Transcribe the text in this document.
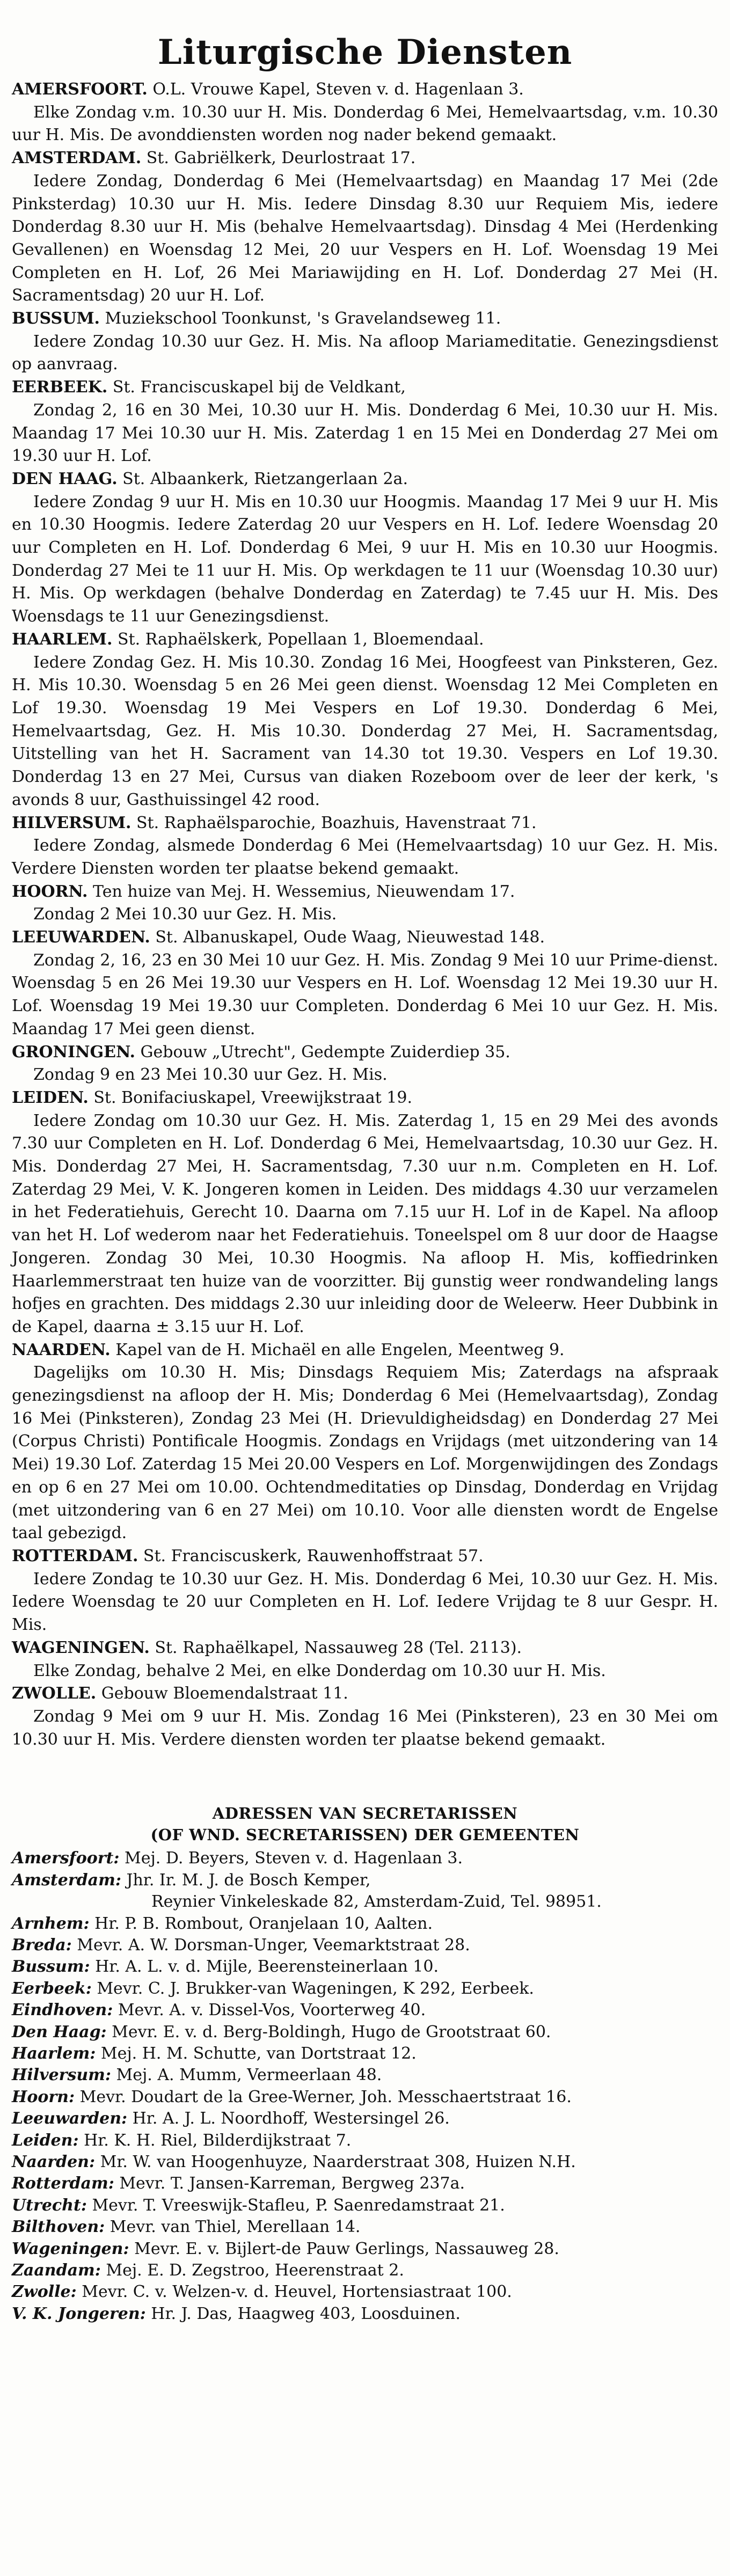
Liturgische Diensten
AMERSFOORT. O.L. Vrouwe Kapel, Steven v. d. Hagenlaan 3.
Elke Zondag v.m. 10.30 uur H. Mis. Donderdag 6 Mei, Hemelvaartsdag, v.m. 10.30 uur H. Mis. De avonddiensten worden nog nader bekend gemaakt.
AMSTERDAM. St. Gabriëlkerk, Deurlostraat 17.
Iedere Zondag, Donderdag 6 Mei (Hemelvaartsdag) en Maandag 17 Mei (2de Pinksterdag) 10.30 uur H. Mis. Iedere Dinsdag 8.30 uur Requiem Mis, iedere Donderdag 8.30 uur H. Mis (behalve Hemelvaartsdag). Dinsdag 4 Mei (Herdenking Gevallenen) en Woensdag 12 Mei, 20 uur Vespers en H. Lof. Woensdag 19 Mei Completen en H. Lof, 26 Mei Mariawijding en H. Lof. Donderdag 27 Mei (H. Sacramentsdag) 20 uur H. Lof.
BUSSUM. Muziekschool Toonkunst, 's Gravelandseweg 11.
Iedere Zondag 10.30 uur Gez. H. Mis. Na afloop Mariameditatie. Genezingsdienst op aanvraag.
EERBEEK. St. Franciscuskapel bij de Veldkant,
Zondag 2, 16 en 30 Mei, 10.30 uur H. Mis. Donderdag 6 Mei, 10.30 uur H. Mis. Maandag 17 Mei 10.30 uur H. Mis. Zaterdag 1 en 15 Mei en Donderdag 27 Mei om 19.30 uur H. Lof.
DEN HAAG. St. Albaankerk, Rietzangerlaan 2a.
Iedere Zondag 9 uur H. Mis en 10.30 uur Hoogmis. Maandag 17 Mei 9 uur H. Mis en 10.30 Hoogmis. Iedere Zaterdag 20 uur Vespers en H. Lof. Iedere Woensdag 20 uur Completen en H. Lof. Donderdag 6 Mei, 9 uur H. Mis en 10.30 uur Hoogmis. Donderdag 27 Mei te 11 uur H. Mis. Op werkdagen te 11 uur (Woensdag 10.30 uur) H. Mis. Op werkdagen (behalve Donderdag en Zaterdag) te 7.45 uur H. Mis. Des Woensdags te 11 uur Genezingsdienst.
HAARLEM. St. Raphaëlskerk, Popellaan 1, Bloemendaal.
Iedere Zondag Gez. H. Mis 10.30. Zondag 16 Mei, Hoogfeest van Pinksteren, Gez. H. Mis 10.30. Woensdag 5 en 26 Mei geen dienst. Woensdag 12 Mei Completen en Lof 19.30. Woensdag 19 Mei Vespers en Lof 19.30. Donderdag 6 Mei, Hemelvaartsdag, Gez. H. Mis 10.30. Donderdag 27 Mei, H. Sacramentsdag, Uitstelling van het H. Sacrament van 14.30 tot 19.30. Vespers en Lof 19.30. Donderdag 13 en 27 Mei, Cursus van diaken Rozeboom over de leer der kerk, 's avonds 8 uur, Gasthuissingel 42 rood.
HILVERSUM. St. Raphaëlsparochie, Boazhuis, Havenstraat 71.
Iedere Zondag, alsmede Donderdag 6 Mei (Hemelvaartsdag) 10 uur Gez. H. Mis. Verdere Diensten worden ter plaatse bekend gemaakt.
HOORN. Ten huize van Mej. H. Wessemius, Nieuwendam 17.
Zondag 2 Mei 10.30 uur Gez. H. Mis.
LEEUWARDEN. St. Albanuskapel, Oude Waag, Nieuwestad 148.
Zondag 2, 16, 23 en 30 Mei 10 uur Gez. H. Mis. Zondag 9 Mei 10 uur Prime-dienst. Woensdag 5 en 26 Mei 19.30 uur Vespers en H. Lof. Woensdag 12 Mei 19.30 uur H. Lof. Woensdag 19 Mei 19.30 uur Completen. Donderdag 6 Mei 10 uur Gez. H. Mis. Maandag 17 Mei geen dienst.
GRONINGEN. Gebouw „Utrecht", Gedempte Zuiderdiep 35.
Zondag 9 en 23 Mei 10.30 uur Gez. H. Mis.
LEIDEN. St. Bonifaciuskapel, Vreewijkstraat 19.
Iedere Zondag om 10.30 uur Gez. H. Mis. Zaterdag 1, 15 en 29 Mei des avonds 7.30 uur Completen en H. Lof. Donderdag 6 Mei, Hemelvaartsdag, 10.30 uur Gez. H. Mis. Donderdag 27 Mei, H. Sacramentsdag, 7.30 uur n.m. Completen en H. Lof. Zaterdag 29 Mei, V. K. Jongeren komen in Leiden. Des middags 4.30 uur verzamelen in het Federatiehuis, Gerecht 10. Daarna om 7.15 uur H. Lof in de Kapel. Na afloop van het H. Lof wederom naar het Federatiehuis. Toneelspel om 8 uur door de Haagse Jongeren. Zondag 30 Mei, 10.30 Hoogmis. Na afloop H. Mis, koffiedrinken Haarlemmerstraat ten huize van de voorzitter. Bij gunstig weer rondwandeling langs hofjes en grachten. Des middags 2.30 uur inleiding door de Weleerw. Heer Dubbink in de Kapel, daarna ± 3.15 uur H. Lof.
NAARDEN. Kapel van de H. Michaël en alle Engelen, Meentweg 9.
Dagelijks om 10.30 H. Mis; Dinsdags Requiem Mis; Zaterdags na afspraak genezingsdienst na afloop der H. Mis; Donderdag 6 Mei (Hemelvaartsdag), Zondag 16 Mei (Pinksteren), Zondag 23 Mei (H. Drievuldigheidsdag) en Donderdag 27 Mei (Corpus Christi) Pontificale Hoogmis. Zondags en Vrijdags (met uitzondering van 14 Mei) 19.30 Lof. Zaterdag 15 Mei 20.00 Vespers en Lof. Morgenwijdingen des Zondags en op 6 en 27 Mei om 10.00. Ochtendmeditaties op Dinsdag, Donderdag en Vrijdag (met uitzondering van 6 en 27 Mei) om 10.10. Voor alle diensten wordt de Engelse taal gebezigd.
ROTTERDAM. St. Franciscuskerk, Rauwenhoffstraat 57.
Iedere Zondag te 10.30 uur Gez. H. Mis. Donderdag 6 Mei, 10.30 uur Gez. H. Mis. Iedere Woensdag te 20 uur Completen en H. Lof. Iedere Vrijdag te 8 uur Gespr. H. Mis.
WAGENINGEN. St. Raphaëlkapel, Nassauweg 28 (Tel. 2113).
Elke Zondag, behalve 2 Mei, en elke Donderdag om 10.30 uur H. Mis.
ZWOLLE. Gebouw Bloemendalstraat 11.
Zondag 9 Mei om 9 uur H. Mis. Zondag 16 Mei (Pinksteren), 23 en 30 Mei om 10.30 uur H. Mis. Verdere diensten worden ter plaatse bekend gemaakt.
ADRESSEN VAN SECRETARISSEN
(OF WND. SECRETARISSEN) DER GEMEENTEN
Amersfoort: Mej. D. Beyers, Steven v. d. Hagenlaan 3.
Amsterdam: Jhr. Ir. M. J. de Bosch Kemper,
Reynier Vinkeleskade 82, Amsterdam-Zuid, Tel. 98951.
Arnhem: Hr. P. B. Rombout, Oranjelaan 10, Aalten.
Breda: Mevr. A. W. Dorsman-Unger, Veemarktstraat 28.
Bussum: Hr. A. L. v. d. Mijle, Beerensteinerlaan 10.
Eerbeek: Mevr. C. J. Brukker-van Wageningen, K 292, Eerbeek.
Eindhoven: Mevr. A. v. Dissel-Vos, Voorterweg 40.
Den Haag: Mevr. E. v. d. Berg-Boldingh, Hugo de Grootstraat 60.
Haarlem: Mej. H. M. Schutte, van Dortstraat 12.
Hilversum: Mej. A. Mumm, Vermeerlaan 48.
Hoorn: Mevr. Doudart de la Gree-Werner, Joh. Messchaertstraat 16.
Leeuwarden: Hr. A. J. L. Noordhoff, Westersingel 26.
Leiden: Hr. K. H. Riel, Bilderdijkstraat 7.
Naarden: Mr. W. van Hoogenhuyze, Naarderstraat 308, Huizen N.H.
Rotterdam: Mevr. T. Jansen-Karreman, Bergweg 237a.
Utrecht: Mevr. T. Vreeswijk-Stafleu, P. Saenredamstraat 21.
Bilthoven: Mevr. van Thiel, Merellaan 14.
Wageningen: Mevr. E. v. Bijlert-de Pauw Gerlings, Nassauweg 28.
Zaandam: Mej. E. D. Zegstroo, Heerenstraat 2.
Zwolle: Mevr. C. v. Welzen-v. d. Heuvel, Hortensiastraat 100.
V. K. Jongeren: Hr. J. Das, Haagweg 403, Loosduinen.
